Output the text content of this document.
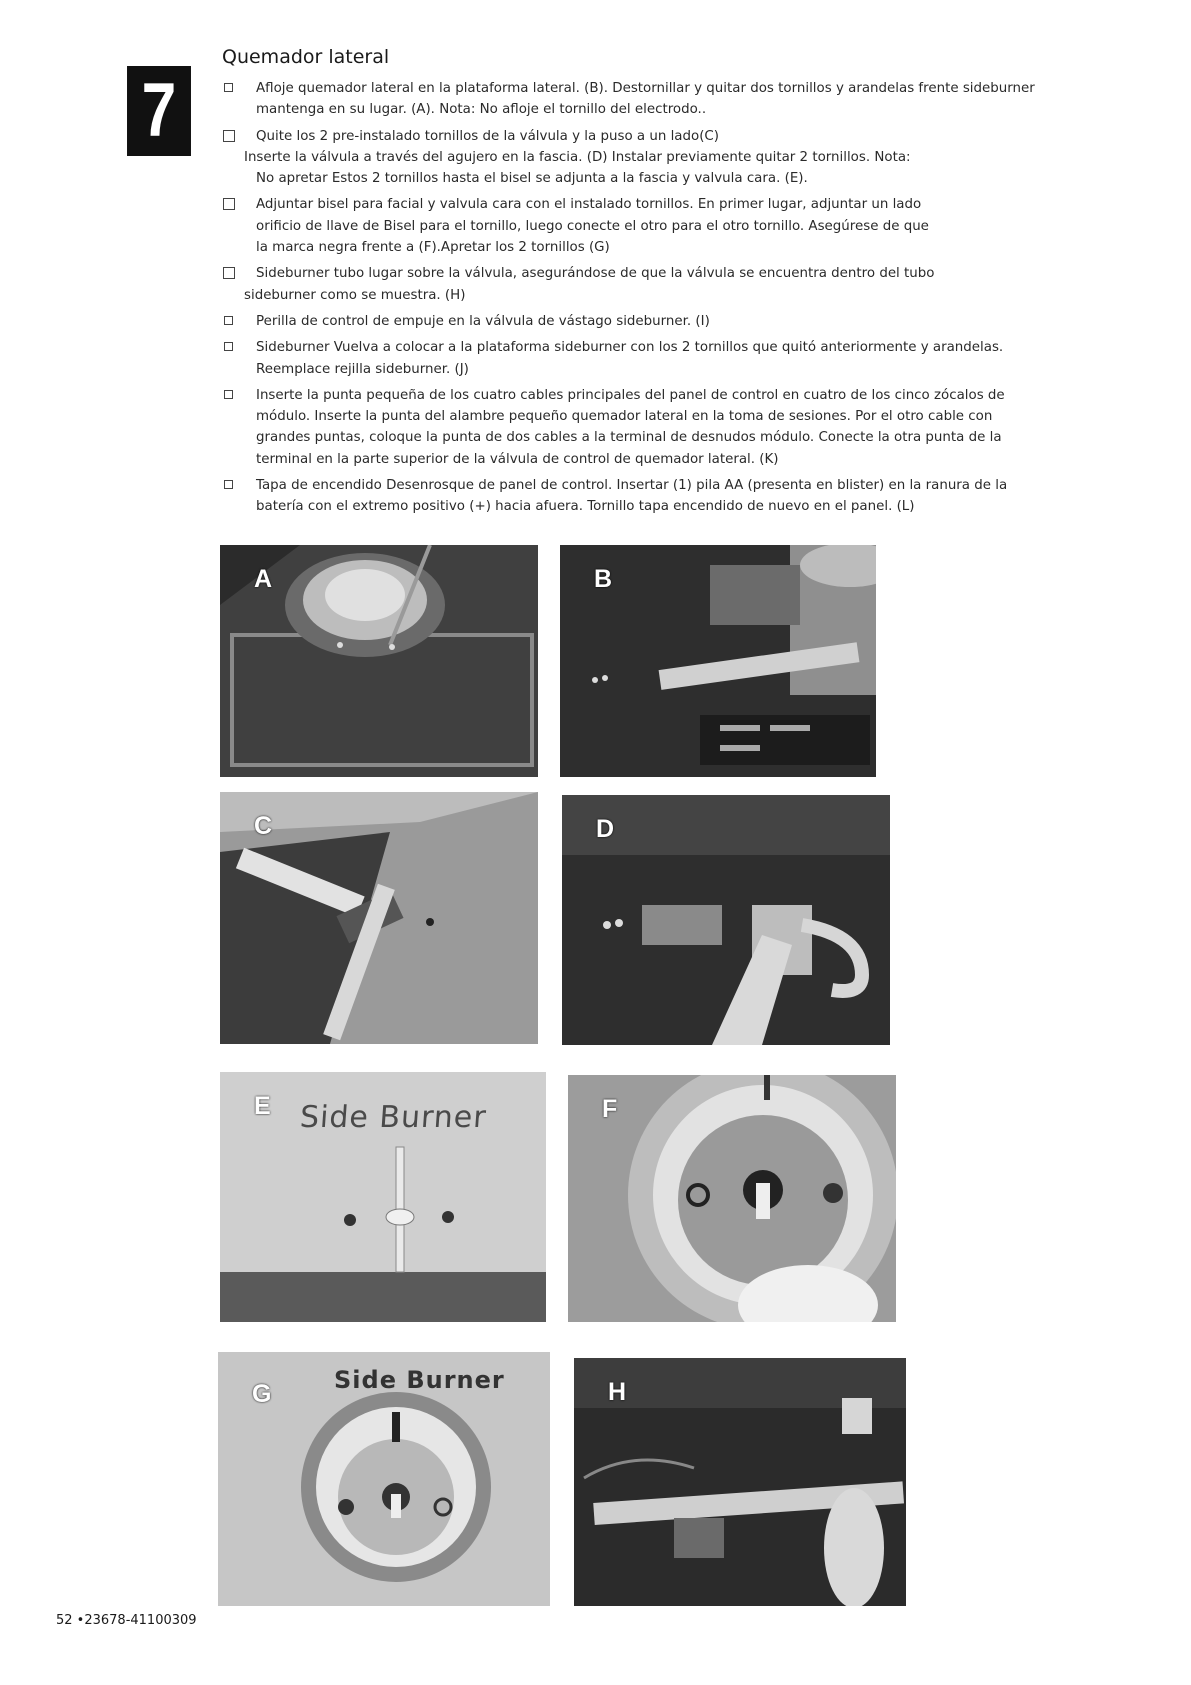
7
Quemador lateral
Afloje quemador lateral en la plataforma lateral. (B). Destornillar y quitar dos tornillos y arandelas frente sideburner
mantenga en su lugar. (A). Nota: No afloje el tornillo del electrodo..
Quite los 2 pre-instalado tornillos de la válvula y la puso a un lado(C)
Inserte la válvula a través del agujero en la fascia. (D) Instalar previamente quitar 2 tornillos. Nota:
No apretar Estos 2 tornillos hasta el bisel se adjunta a la fascia y valvula cara. (E).
Adjuntar bisel para facial y valvula cara con el instalado tornillos. En primer lugar, adjuntar un lado
orificio de llave de Bisel para el tornillo, luego conecte el otro para el otro tornillo. Asegúrese de que
la marca negra frente a (F).Apretar los 2 tornillos (G)
Sideburner tubo lugar sobre la válvula, asegurándose de que la válvula se encuentra dentro del tubo
sideburner como se muestra. (H)
Perilla de control de empuje en la válvula de vástago sideburner. (I)
Sideburner Vuelva a colocar a la plataforma sideburner con los 2 tornillos que quitó anteriormente y arandelas.
Reemplace rejilla sideburner. (J)
Inserte la punta pequeña de los cuatro cables principales del panel de control en cuatro de los cinco zócalos de
módulo. Inserte la punta del alambre pequeño quemador lateral en la toma de sesiones. Por el otro cable con
grandes puntas, coloque la punta de dos cables a la terminal de desnudos módulo. Conecte la otra punta de la
terminal en la parte superior de la válvula de control de quemador lateral. (K)
Tapa de encendido Desenrosque de panel de control. Insertar (1) pila AA (presenta en blister) en la ranura de la
batería con el extremo positivo (+) hacia afuera. Tornillo tapa encendido de nuevo en el panel. (L)
A	B
C	D
E Side Burner	F
G	Side Burner	H
52 •23678-41100309
